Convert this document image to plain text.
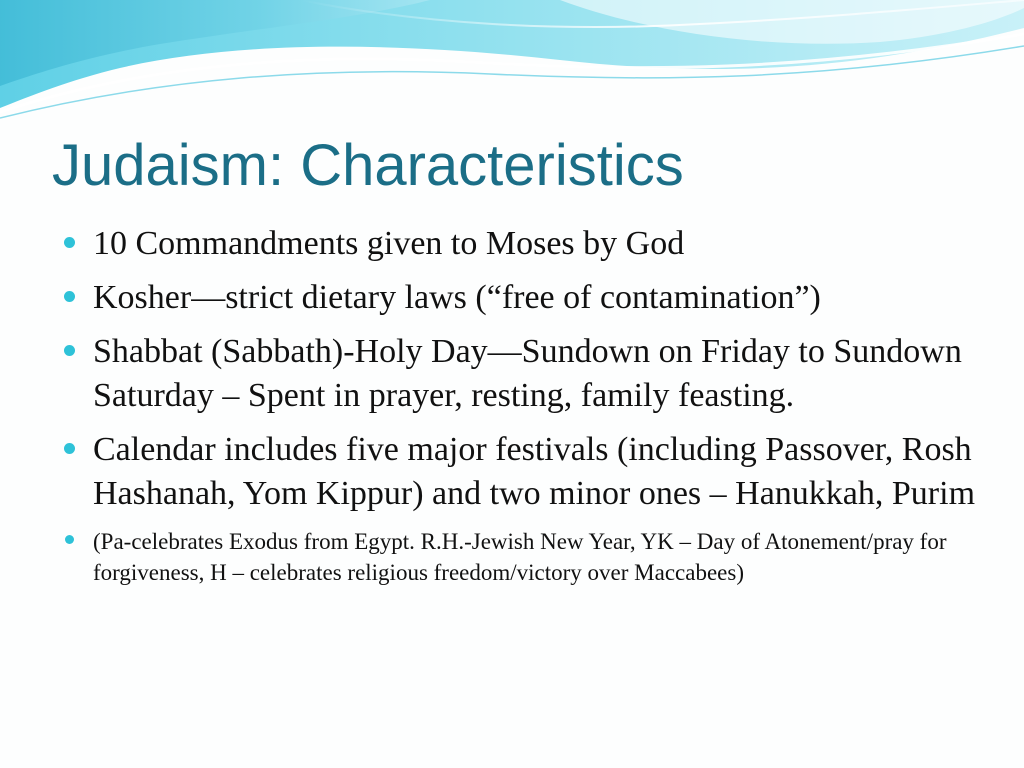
Judaism: Characteristics
10 Commandments given to Moses by God
Kosher—strict dietary laws (“free of contamination”)
Shabbat (Sabbath)-Holy Day—Sundown on Friday to Sundown Saturday – Spent in prayer, resting, family feasting.
Calendar includes five major festivals (including Passover, Rosh Hashanah, Yom Kippur) and two minor ones – Hanukkah, Purim
(Pa-celebrates Exodus from Egypt. R.H.-Jewish New Year, YK – Day of Atonement/pray for forgiveness, H – celebrates religious freedom/victory over Maccabees)
